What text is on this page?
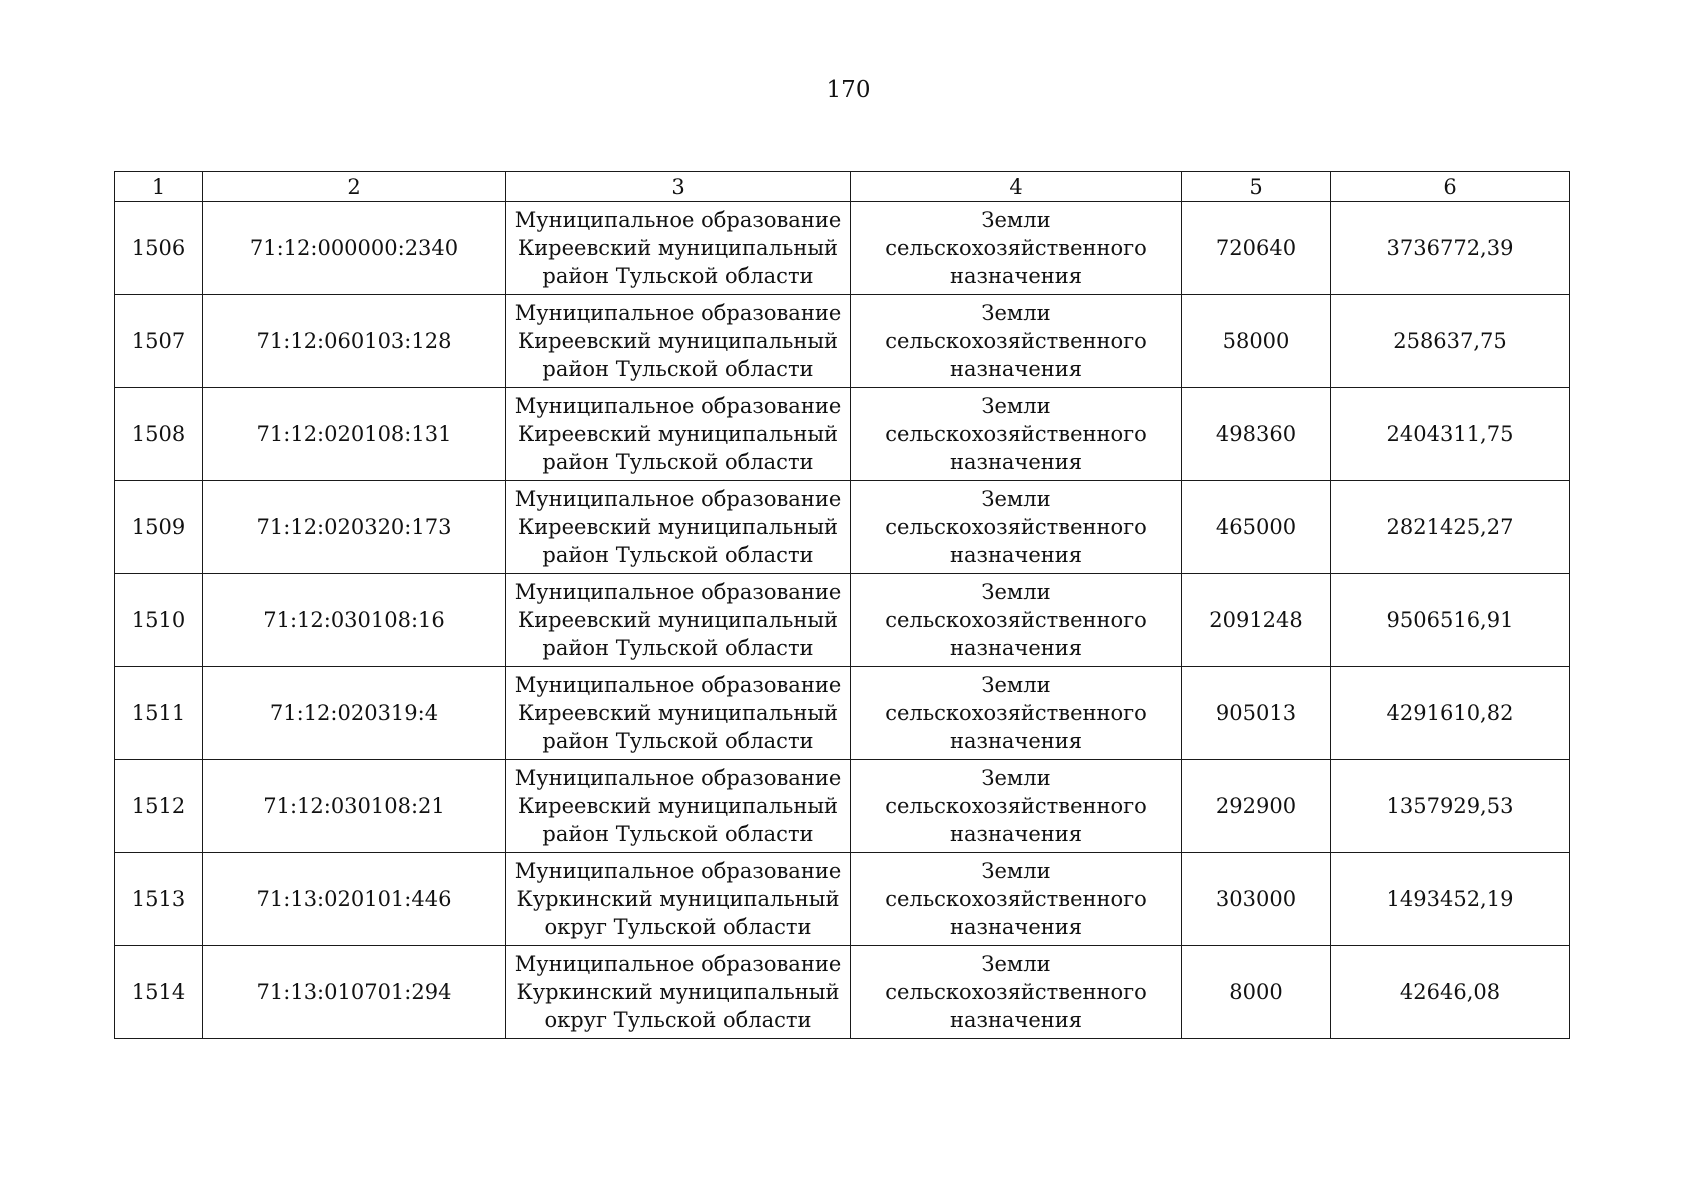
170
1	2	3	4	5	6
1506	71:12:000000:2340	Муниципальное образование
Киреевский муниципальный
район Тульской области	Земли
сельскохозяйственного
назначения	720640	3736772,39
1507	71:12:060103:128	Муниципальное образование
Киреевский муниципальный
район Тульской области	Земли
сельскохозяйственного
назначения	58000	258637,75
1508	71:12:020108:131	Муниципальное образование
Киреевский муниципальный
район Тульской области	Земли
сельскохозяйственного
назначения	498360	2404311,75
1509	71:12:020320:173	Муниципальное образование
Киреевский муниципальный
район Тульской области	Земли
сельскохозяйственного
назначения	465000	2821425,27
1510	71:12:030108:16	Муниципальное образование
Киреевский муниципальный
район Тульской области	Земли
сельскохозяйственного
назначения	2091248	9506516,91
1511	71:12:020319:4	Муниципальное образование
Киреевский муниципальный
район Тульской области	Земли
сельскохозяйственного
назначения	905013	4291610,82
1512	71:12:030108:21	Муниципальное образование
Киреевский муниципальный
район Тульской области	Земли
сельскохозяйственного
назначения	292900	1357929,53
1513	71:13:020101:446	Муниципальное образование
Куркинский муниципальный
округ Тульской области	Земли
сельскохозяйственного
назначения	303000	1493452,19
1514	71:13:010701:294	Муниципальное образование
Куркинский муниципальный
округ Тульской области	Земли
сельскохозяйственного
назначения	8000	42646,08
